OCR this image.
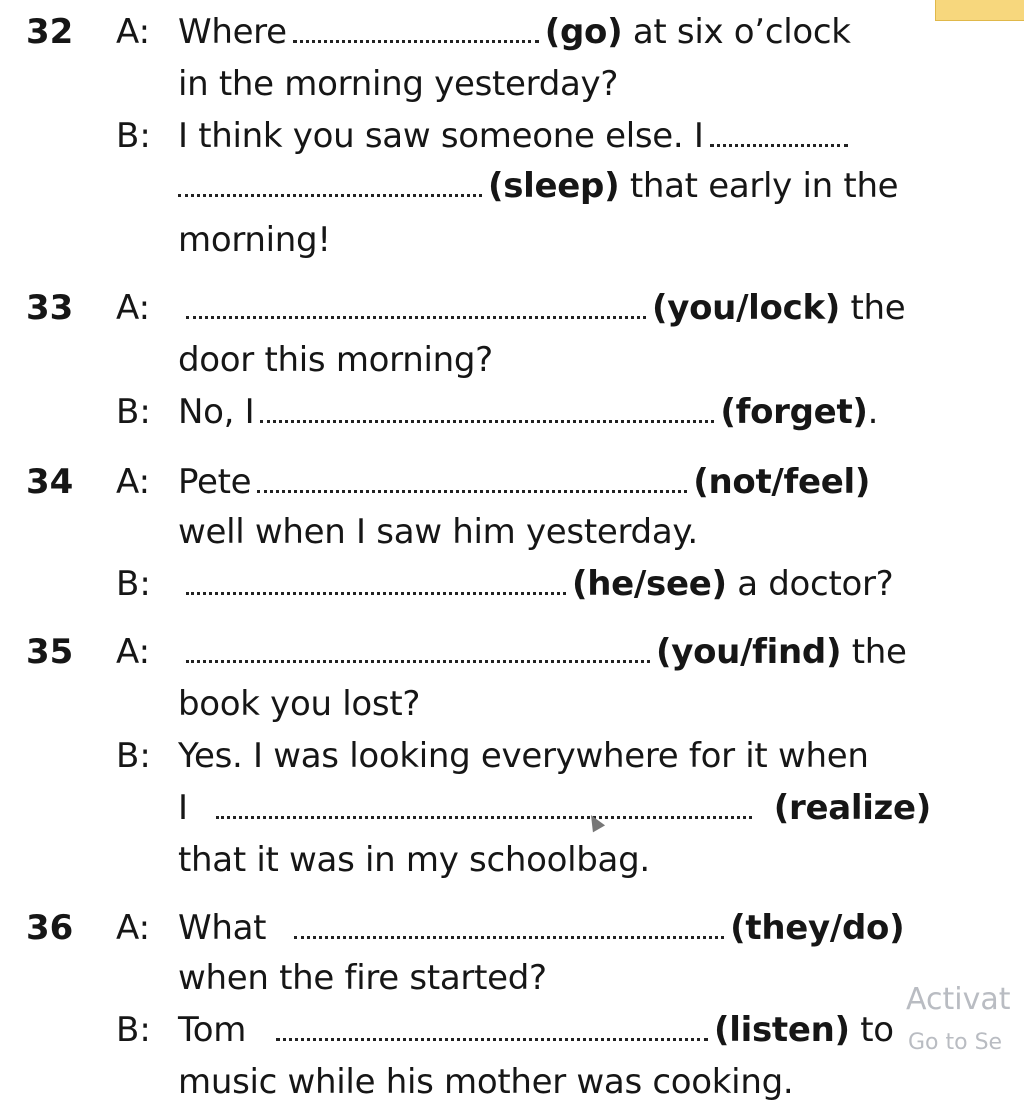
32 A: Where	(go) at six o’clock
in the morning yesterday?
B: I think you saw someone else. I
(sleep) that early in the
morning!
33 A:	(you/lock) the
door this morning?
B: No, I	(forget).
34 A: Pete	(not/feel)
well when I saw him yesterday.
B:	(he/see) a doctor?
35 A:	(you/find) the
book you lost?
B: Yes. I was looking everywhere for it when
I	(realize)
that it was in my schoolbag.
36 A: What	(they/do)
when the fire started?
B: Tom	(listen) to
music while his mother was cooking.
Activat
Go to Se
